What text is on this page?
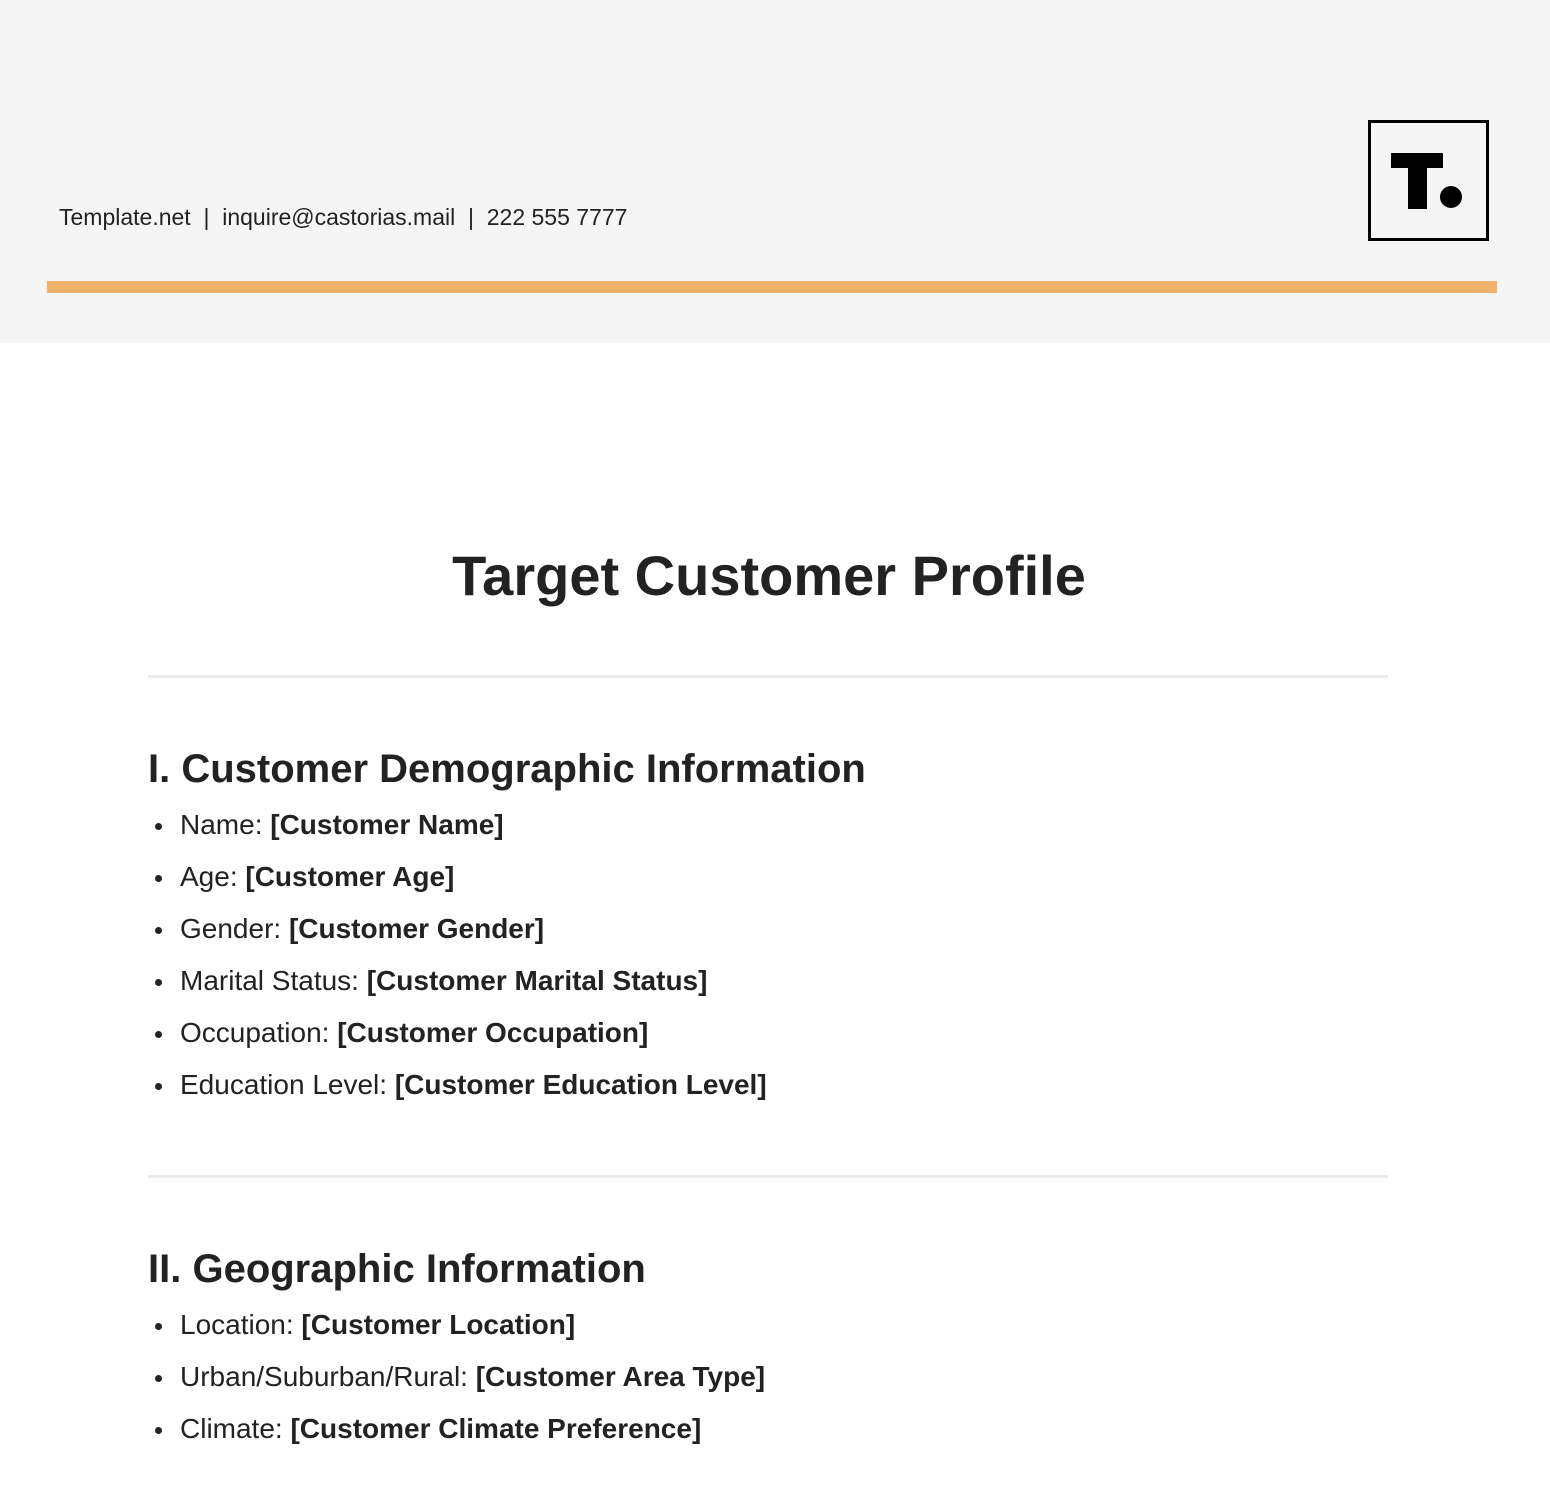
Template.net  |  inquire@castorias.mail  |  222 555 7777
Target Customer Profile
I. Customer Demographic Information
Name: [Customer Name]
Age: [Customer Age]
Gender: [Customer Gender]
Marital Status: [Customer Marital Status]
Occupation: [Customer Occupation]
Education Level: [Customer Education Level]
II. Geographic Information
Location: [Customer Location]
Urban/Suburban/Rural: [Customer Area Type]
Climate: [Customer Climate Preference]
